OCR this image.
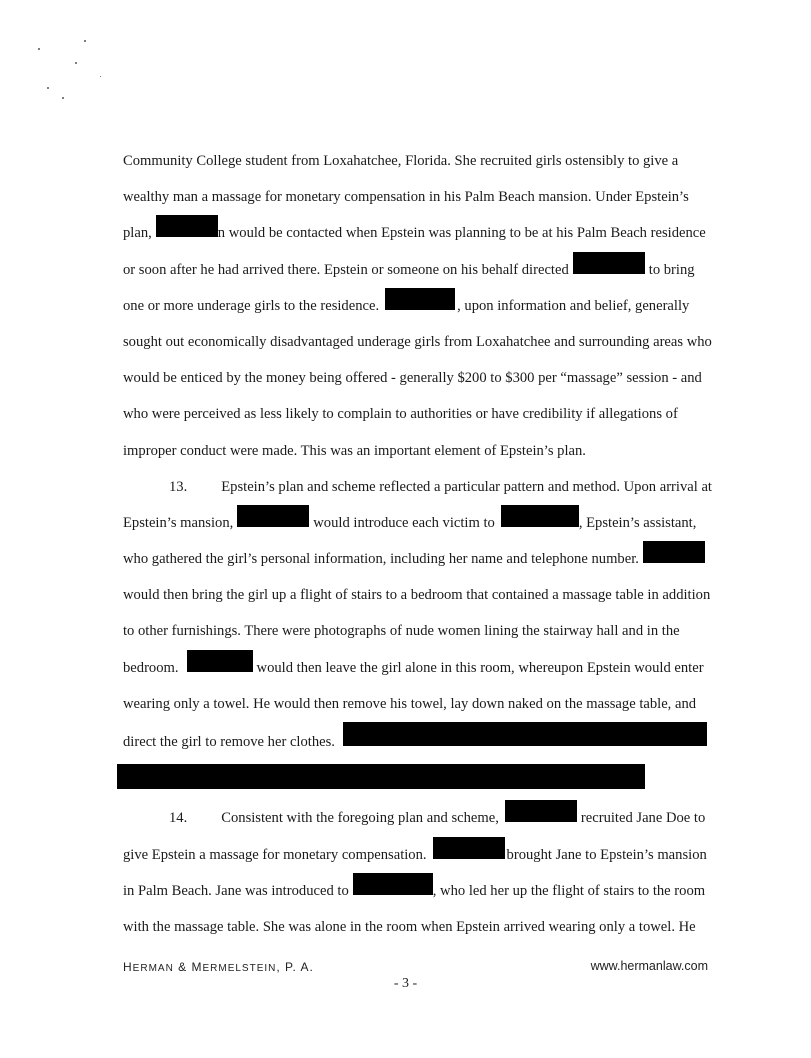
Community College student from Loxahatchee, Florida. She recruited girls ostensibly to give a
wealthy man a massage for monetary compensation in his Palm Beach mansion. Under Epstein’s
plan,	n would be contacted when Epstein was planning to be at his Palm Beach residence
or soon after he had arrived there. Epstein or someone on his behalf directed	to bring
one or more underage girls to the residence.	, upon information and belief, generally
sought out economically disadvantaged underage girls from Loxahatchee and surrounding areas who
would be enticed by the money being offered - generally $200 to $300 per “massage” session - and
who were perceived as less likely to complain to authorities or have credibility if allegations of
improper conduct were made. This was an important element of Epstein’s plan.
13. Epstein’s plan and scheme reflected a particular pattern and method. Upon arrival at
Epstein’s mansion,	would introduce each victim to	, Epstein’s assistant,
who gathered the girl’s personal information, including her name and telephone number.
would then bring the girl up a flight of stairs to a bedroom that contained a massage table in addition
to other furnishings. There were photographs of nude women lining the stairway hall and in the
bedroom.	would then leave the girl alone in this room, whereupon Epstein would enter
wearing only a towel. He would then remove his towel, lay down naked on the massage table, and
direct the girl to remove her clothes.
14. Consistent with the foregoing plan and scheme,	recruited Jane Doe to
give Epstein a massage for monetary compensation.	brought Jane to Epstein’s mansion
in Palm Beach. Jane was introduced to	, who led her up the flight of stairs to the room
with the massage table. She was alone in the room when Epstein arrived wearing only a towel. He
HERMAN & MERMELSTEIN, P. A.	www.hermanlaw.com
- 3 -
